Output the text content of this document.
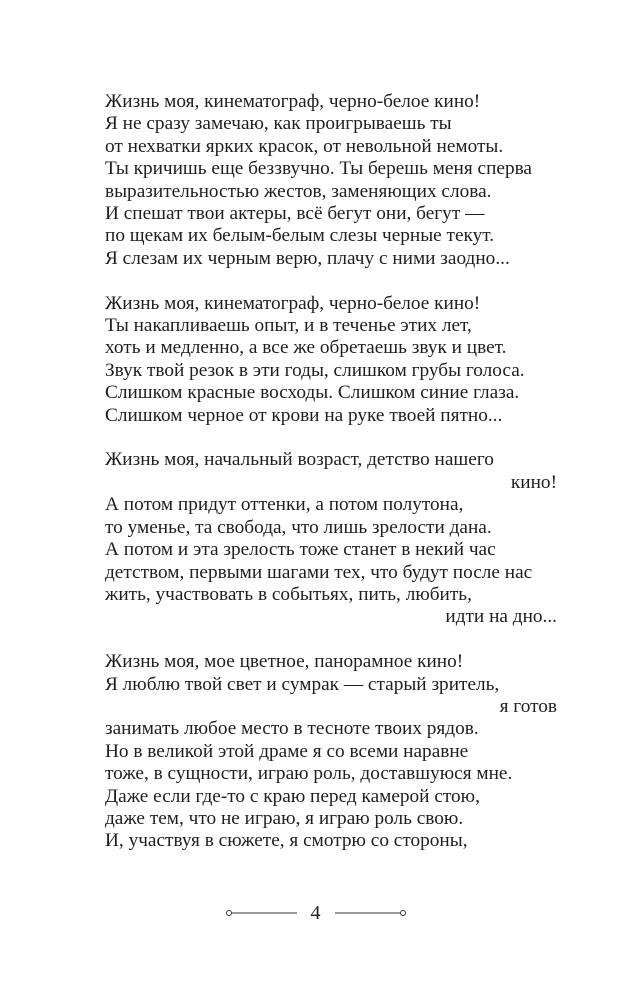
Жизнь моя, кинематограф, черно-белое кино!
Я не сразу замечаю, как проигрываешь ты
от нехватки ярких красок, от невольной немоты.
Ты кричишь еще беззвучно. Ты берешь меня сперва
выразительностью жестов, заменяющих слова.
И спешат твои актеры, всё бегут они, бегут —
по щекам их белым-белым слезы черные текут.
Я слезам их черным верю, плачу с ними заодно...
Жизнь моя, кинематограф, черно-белое кино!
Ты накапливаешь опыт, и в теченье этих лет,
хоть и медленно, а все же обретаешь звук и цвет.
Звук твой резок в эти годы, слишком грубы голоса.
Слишком красные восходы. Слишком синие глаза.
Слишком черное от крови на руке твоей пятно...
Жизнь моя, начальный возраст, детство нашего
кино!
А потом придут оттенки, а потом полутона,
то уменье, та свобода, что лишь зрелости дана.
А потом и эта зрелость тоже станет в некий час
детством, первыми шагами тех, что будут после нас
жить, участвовать в событьях, пить, любить,
идти на дно...
Жизнь моя, мое цветное, панорамное кино!
Я люблю твой свет и сумрак — старый зритель,
я готов
занимать любое место в тесноте твоих рядов.
Но в великой этой драме я со всеми наравне
тоже, в сущности, играю роль, доставшуюся мне.
Даже если где-то с краю перед камерой стою,
даже тем, что не играю, я играю роль свою.
И, участвуя в сюжете, я смотрю со стороны,
4
